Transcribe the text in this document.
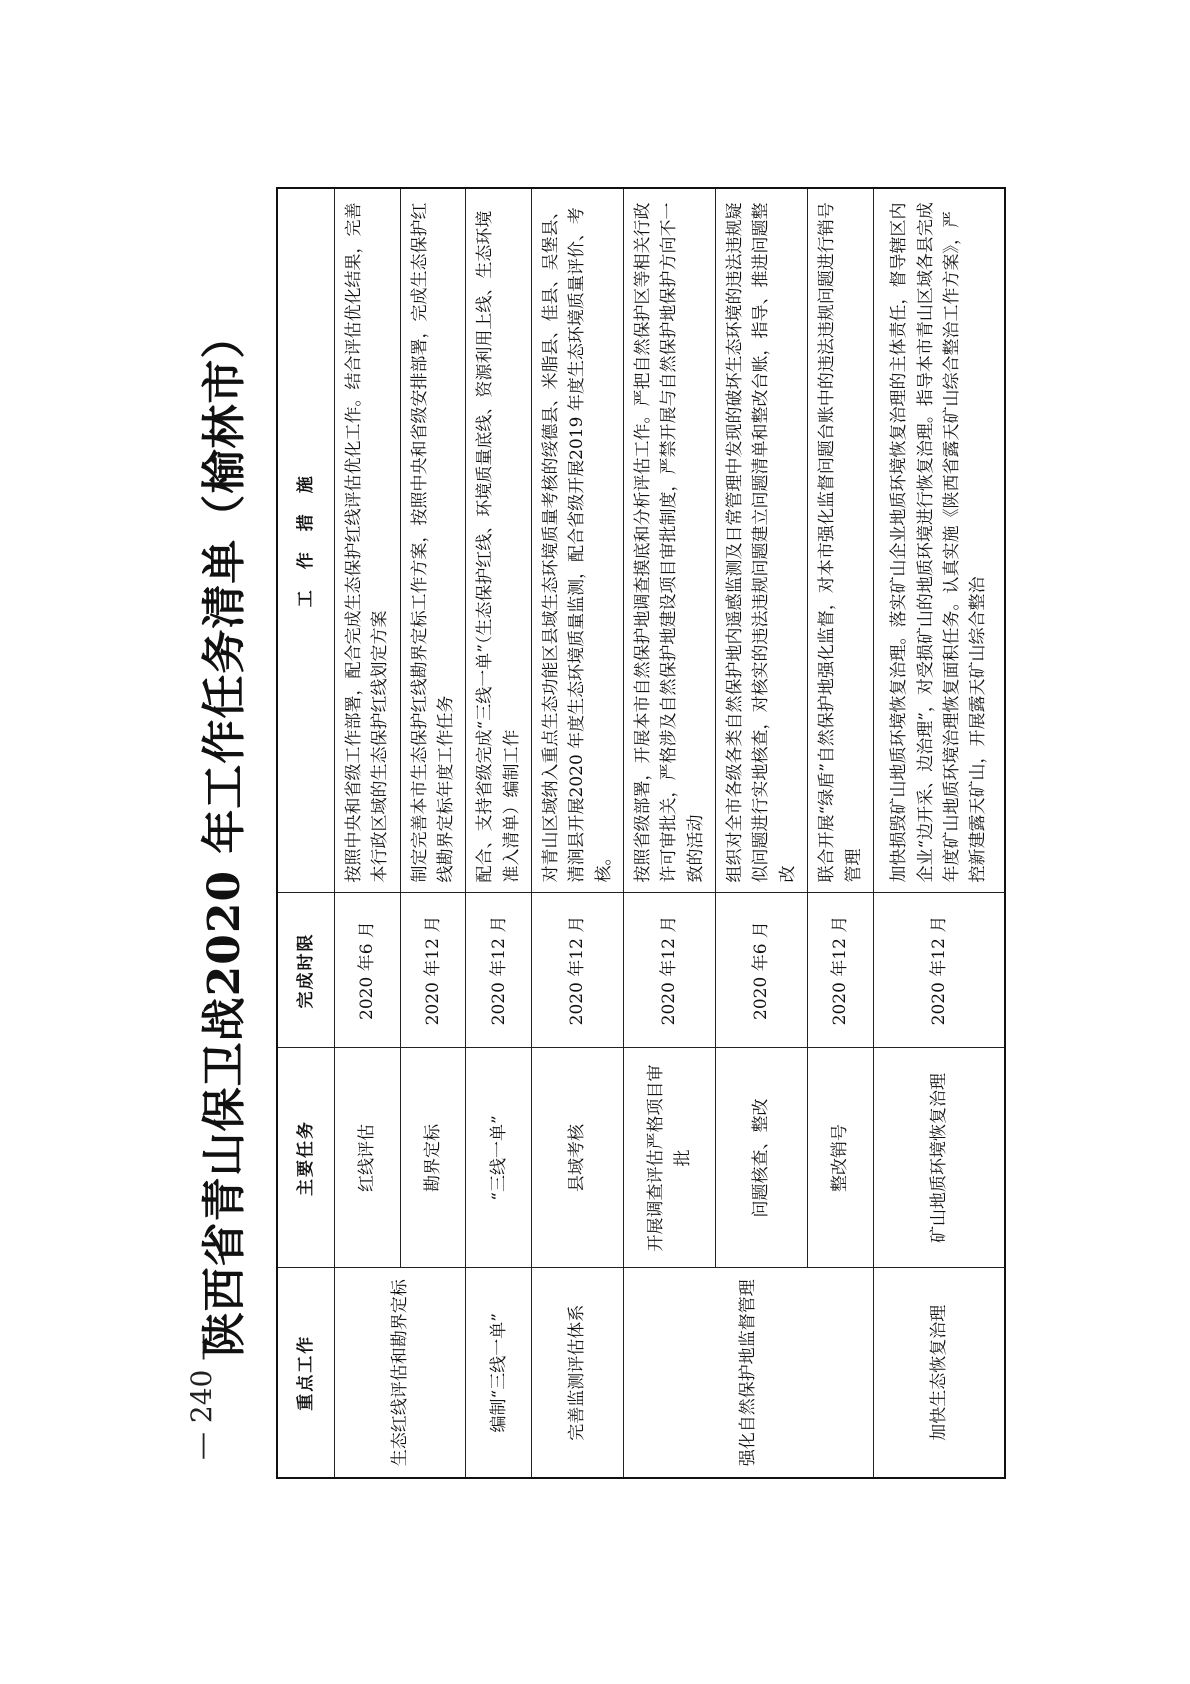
— 240 —
陕西省青山保卫战2020 年工作任务清单（榆林市）
重点工作	主要任务	完成时限	工　作　措　施
生态红线评估和勘界定标	红线评估	2020 年6 月	按照中央和省级工作部署，配合完成生态保护红线评估优化工作。结合评估优化结果，完善本行政区域的生态保护红线划定方案
	勘界定标	2020 年12 月	制定完善本市生态保护红线勘界定标工作方案，按照中央和省级安排部署，完成生态保护红线勘界定标年度工作任务
编制“三线一单”	“三线一单”	2020 年12 月	配合、支持省级完成“三线一单”（生态保护红线、环境质量底线、资源利用上线、生态环境准入清单）编制工作
完善监测评估体系	县域考核	2020 年12 月	对青山区域纳入重点生态功能区县域生态环境质量考核的绥德县、米脂县、佳县、吴堡县、清涧县开展2020 年度生态环境质量监测，配合省级开展2019 年度生态环境质量评价、考核。
强化自然保护地监督管理	开展调查评估严格项目审批	2020 年12 月	按照省级部署，开展本市自然保护地调查摸底和分析评估工作。严把自然保护区等相关行政许可审批关，严格涉及自然保护地建设项目审批制度，严禁开展与自然保护地保护方向不一致的活动
	问题核查、整改	2020 年6 月	组织对全市各级各类自然保护地内遥感监测及日常管理中发现的破坏生态环境的违法违规疑似问题进行实地核查，对核实的违法违规问题建立问题清单和整改台账，指导、推进问题整改
	整改销号	2020 年12 月	联合开展“绿盾”自然保护地强化监督，对本市强化监督问题台账中的违法违规问题进行销号管理
加快生态恢复治理	矿山地质环境恢复治理	2020 年12 月	加快损毁矿山地质环境恢复治理。落实矿山企业地质环境恢复治理的主体责任，督导辖区内企业“边开采、边治理”，对受损矿山的地质环境进行恢复治理。指导本市青山区域各县完成年度矿山地质环境治理恢复面积任务。认真实施《陕西省露天矿山综合整治工作方案》，严控新建露天矿山，开展露天矿山综合整治
